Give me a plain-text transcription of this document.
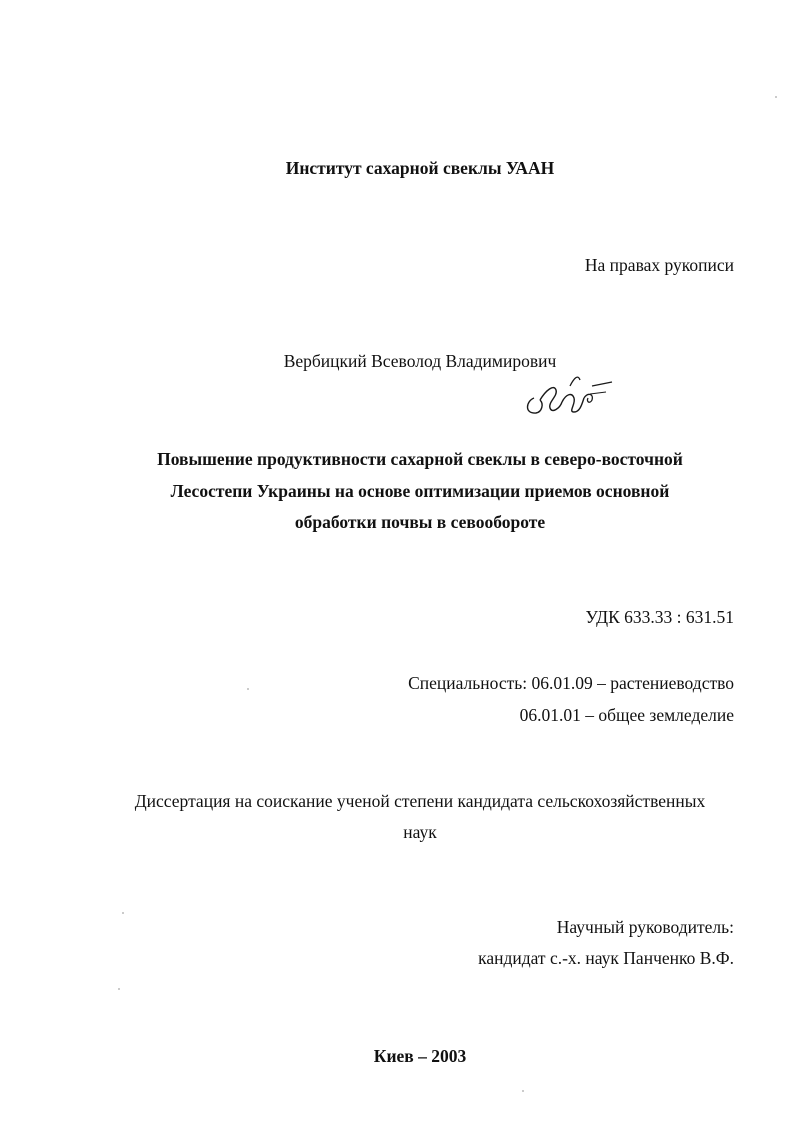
Институт сахарной свеклы УААН
На правах рукописи
Вербицкий Всеволод Владимирович
Повышение продуктивности сахарной свеклы в северо-восточной
Лесостепи Украины на основе оптимизации приемов основной
обработки почвы в севообороте
УДК 633.33 : 631.51
Специальность: 06.01.09 – растениеводство
06.01.01 – общее земледелие
Диссертация на соискание ученой степени кандидата сельскохозяйственных
наук
Научный руководитель:
кандидат с.-х. наук Панченко В.Ф.
Киев – 2003
